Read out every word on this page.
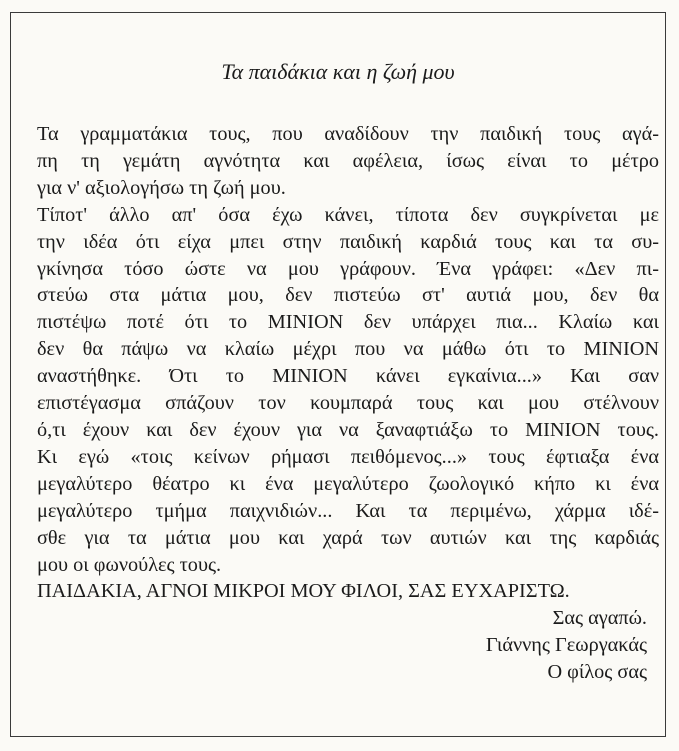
Τα παιδάκια και η ζωή μου
Τα γραμματάκια τους, που αναδίδουν την παιδική τους αγά-
πη τη γεμάτη αγνότητα και αφέλεια, ίσως είναι το μέτρο
για ν' αξιολογήσω τη ζωή μου.
Τίποτ' άλλο απ' όσα έχω κάνει, τίποτα δεν συγκρίνεται με
την ιδέα ότι είχα μπει στην παιδική καρδιά τους και τα συ-
γκίνησα τόσο ώστε να μου γράφουν. Ένα γράφει: «Δεν πι-
στεύω στα μάτια μου, δεν πιστεύω στ' αυτιά μου, δεν θα
πιστέψω ποτέ ότι το ΜΙΝΙΟΝ δεν υπάρχει πια... Κλαίω και
δεν θα πάψω να κλαίω μέχρι που να μάθω ότι το ΜΙΝΙΟΝ
αναστήθηκε. Ότι το ΜΙΝΙΟΝ κάνει εγκαίνια...» Και σαν
επιστέγασμα σπάζουν τον κουμπαρά τους και μου στέλνουν
ό,τι έχουν και δεν έχουν για να ξαναφτιάξω το ΜΙΝΙΟΝ τους.
Κι εγώ «τοις κείνων ρήμασι πειθόμενος...» τους έφτιαξα ένα
μεγαλύτερο θέατρο κι ένα μεγαλύτερο ζωολογικό κήπο κι ένα
μεγαλύτερο τμήμα παιχνιδιών... Και τα περιμένω, χάρμα ιδέ-
σθε για τα μάτια μου και χαρά των αυτιών και της καρδιάς
μου οι φωνούλες τους.
ΠΑΙΔΑΚΙΑ, ΑΓΝΟΙ ΜΙΚΡΟΙ ΜΟΥ ΦΙΛΟΙ, ΣΑΣ ΕΥΧΑΡΙΣΤΩ.
Σας αγαπώ.
Γιάννης Γεωργακάς
Ο φίλος σας
